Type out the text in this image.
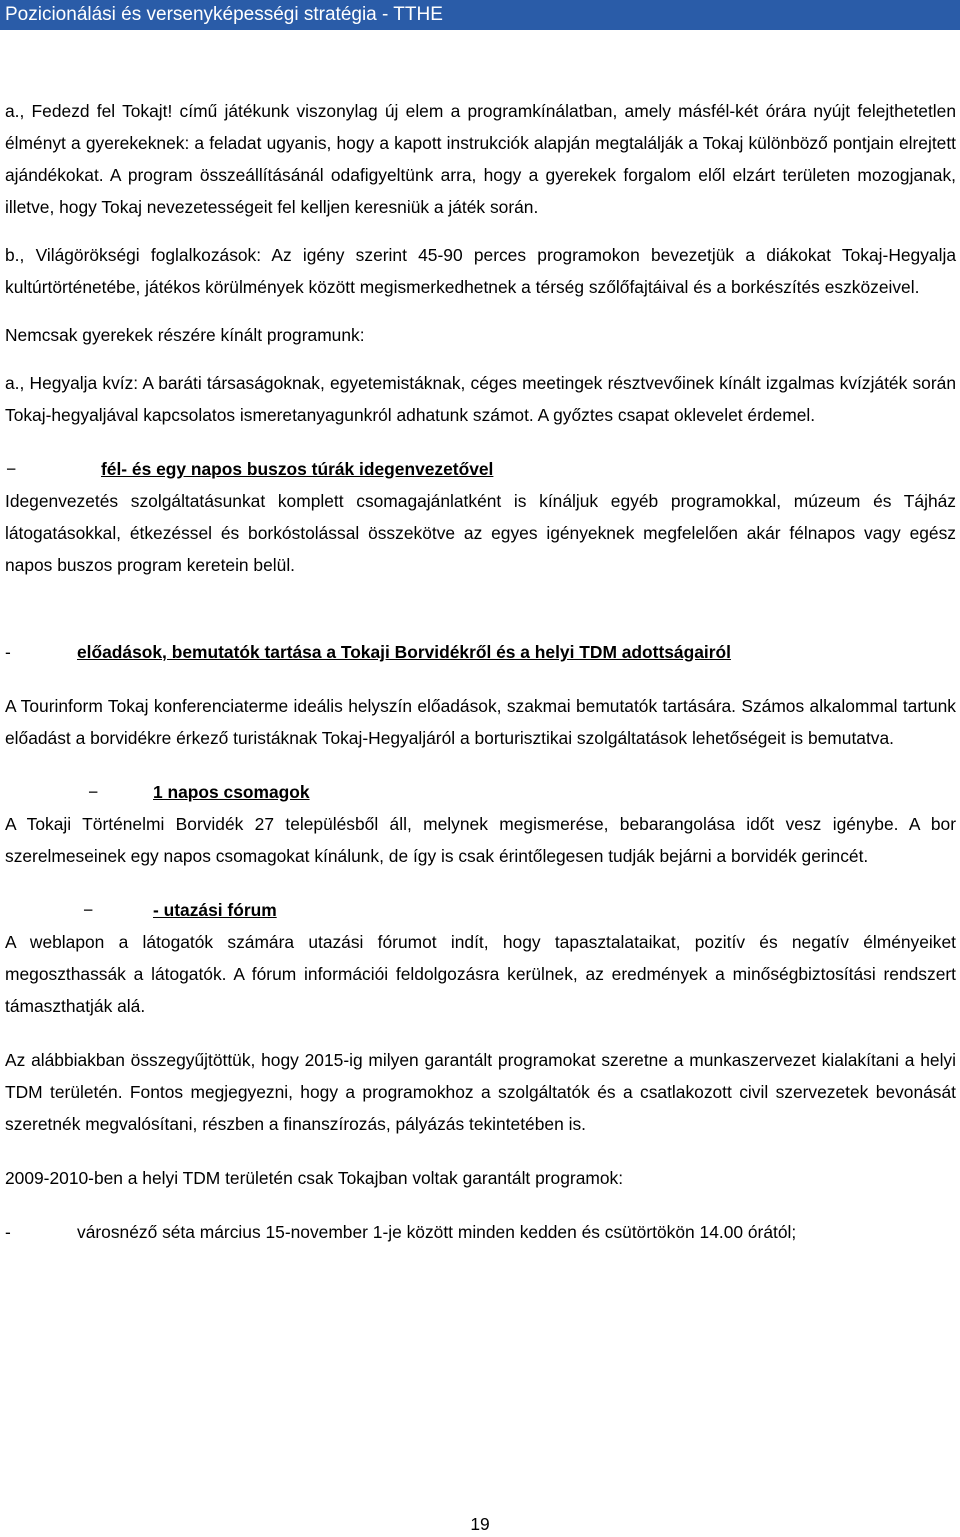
Pozicionálási és versenyképességi stratégia - TTHE

a., Fedezd fel Tokajt! című játékunk viszonylag új elem a programkínálatban, amely másfél-két órára nyújt felejthetetlen élményt a gyerekeknek: a feladat ugyanis, hogy a kapott instrukciók alapján megtalálják a Tokaj különböző pontjain elrejtett ajándékokat. A program összeállításánál odafigyeltünk arra, hogy a gyerekek forgalom elől elzárt területen mozogjanak, illetve, hogy Tokaj nevezetességeit fel kelljen keresniük a játék során.

b., Világörökségi foglalkozások: Az igény szerint 45-90 perces programokon bevezetjük a diákokat Tokaj-Hegyalja kultúrtörténetébe, játékos körülmények között megismerkedhetnek a térség szőlőfajtáival és a borkészítés eszközeivel.

Nemcsak gyerekek részére kínált programunk:

a., Hegyalja kvíz: A baráti társaságoknak, egyetemistáknak, céges meetingek résztvevőinek kínált izgalmas kvízjáték során Tokaj-hegyaljával kapcsolatos ismeretanyagunkról adhatunk számot. A győztes csapat oklevelet érdemel.

−	fél- és egy napos buszos túrák idegenvezetővel

Idegenvezetés szolgáltatásunkat komplett csomagajánlatként is kínáljuk egyéb programokkal, múzeum és Tájház látogatásokkal, étkezéssel és borkóstolással összekötve az egyes igényeknek megfelelően akár félnapos vagy egész napos buszos program keretein belül.

-	előadások, bemutatók tartása a Tokaji Borvidékről és a helyi TDM adottságairól

A Tourinform Tokaj konferenciaterme ideális helyszín előadások, szakmai bemutatók tartására. Számos alkalommal tartunk előadást a borvidékre érkező turistáknak Tokaj-Hegyaljáról a borturisztikai szolgáltatások lehetőségeit is bemutatva.

−	1 napos csomagok

A Tokaji Történelmi Borvidék 27 településből áll, melynek megismerése, bebarangolása időt vesz igénybe. A bor szerelmeseinek egy napos csomagokat kínálunk, de így is csak érintőlegesen tudják bejárni a borvidék gerincét.

−	- utazási fórum

A weblapon a látogatók számára utazási fórumot indít, hogy tapasztalataikat, pozitív és negatív élményeiket megoszthassák a látogatók. A fórum információi feldolgozásra kerülnek, az eredmények a minőségbiztosítási rendszert támaszthatják alá.

Az alábbiakban összegyűjtöttük, hogy 2015-ig milyen garantált programokat szeretne a munkaszervezet kialakítani a helyi TDM területén. Fontos megjegyezni, hogy a programokhoz a szolgáltatók és a csatlakozott civil szervezetek bevonását szeretnék megvalósítani, részben a finanszírozás, pályázás tekintetében is.

2009-2010-ben a helyi TDM területén csak Tokajban voltak garantált programok:

-	városnéző séta március 15-november 1-je között minden kedden és csütörtökön 14.00 órától;
19
